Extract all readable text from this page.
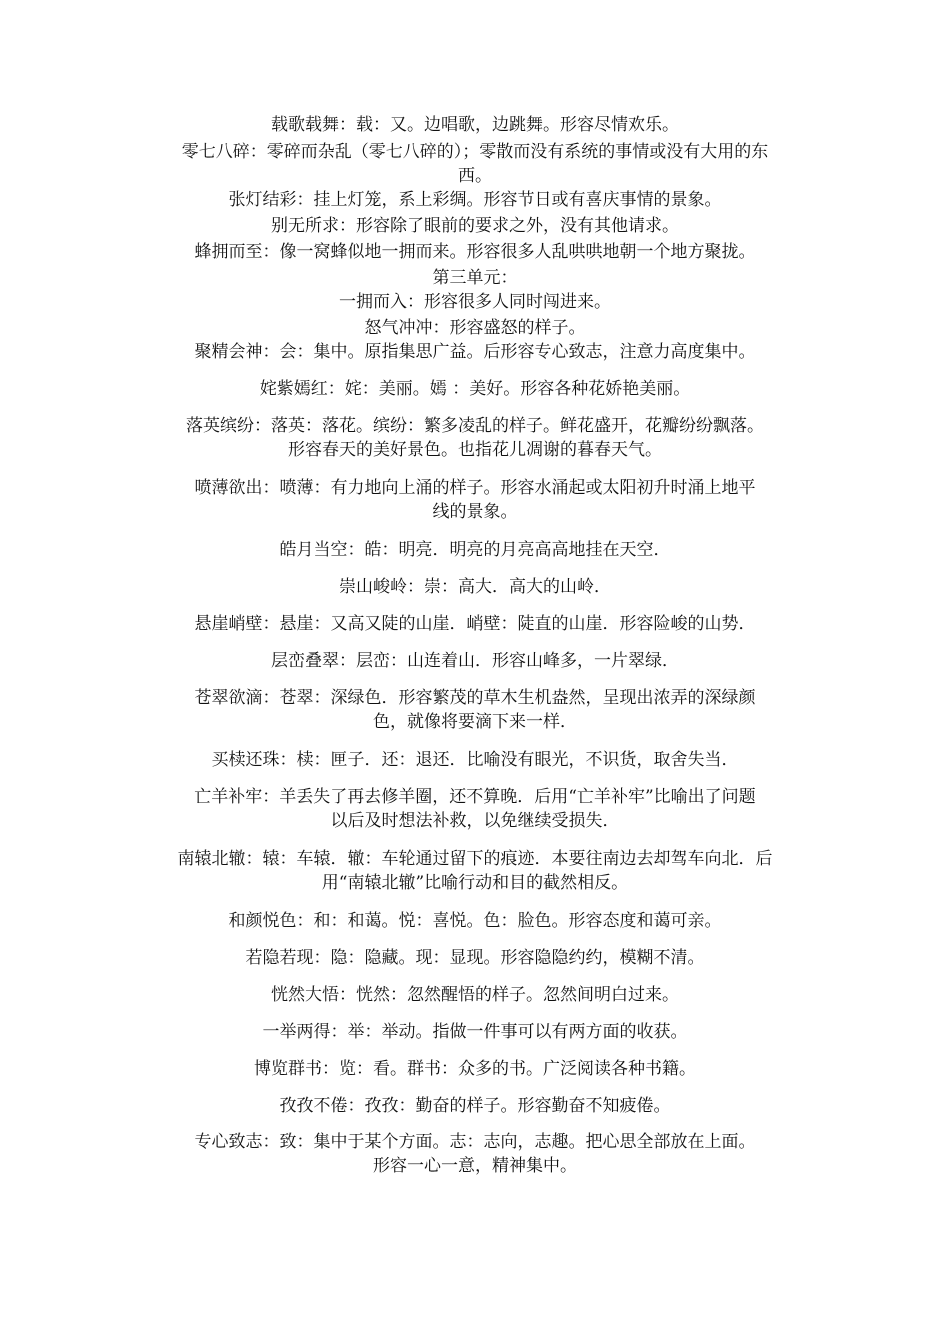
载歌载舞：载：又。边唱歌，边跳舞。形容尽情欢乐。
零七八碎：零碎而杂乱（零七八碎的）；零散而没有系统的事情或没有大用的东
西。
张灯结彩：挂上灯笼，系上彩绸。形容节日或有喜庆事情的景象。
别无所求：形容除了眼前的要求之外，没有其他请求。
蜂拥而至：像一窝蜂似地一拥而来。形容很多人乱哄哄地朝一个地方聚拢。
第三单元：
一拥而入：形容很多人同时闯进来。
怒气冲冲：形容盛怒的样子。
聚精会神：会：集中。原指集思广益。后形容专心致志，注意力高度集中。
姹紫嫣红：姹：美丽。嫣 ：美好。形容各种花娇艳美丽。
落英缤纷：落英：落花。缤纷：繁多凌乱的样子。鲜花盛开，花瓣纷纷飘落。
形容春天的美好景色。也指花儿凋谢的暮春天气。
喷薄欲出：喷薄：有力地向上涌的样子。形容水涌起或太阳初升时涌上地平
线的景象。
皓月当空：皓：明亮．明亮的月亮高高地挂在天空．
崇山峻岭：崇：高大．高大的山岭．
悬崖峭壁：悬崖：又高又陡的山崖．峭壁：陡直的山崖．形容险峻的山势．
层峦叠翠：层峦：山连着山．形容山峰多，一片翠绿．
苍翠欲滴：苍翠：深绿色．形容繁茂的草木生机盎然，呈现出浓弄的深绿颜
色，就像将要滴下来一样．
买椟还珠：椟：匣子．还：退还．比喻没有眼光，不识货，取舍失当．
亡羊补牢：羊丢失了再去修羊圈，还不算晚．后用“亡羊补牢”比喻出了问题
以后及时想法补救，以免继续受损失．
南辕北辙：辕：车辕．辙：车轮通过留下的痕迹．本要往南边去却驾车向北．后
用“南辕北辙”比喻行动和目的截然相反。
和颜悦色：和：和蔼。悦：喜悦。色：脸色。形容态度和蔼可亲。
若隐若现：隐：隐藏。现：显现。形容隐隐约约，模糊不清。
恍然大悟：恍然：忽然醒悟的样子。忽然间明白过来。
一举两得：举：举动。指做一件事可以有两方面的收获。
博览群书：览：看。群书：众多的书。广泛阅读各种书籍。
孜孜不倦：孜孜：勤奋的样子。形容勤奋不知疲倦。
专心致志：致：集中于某个方面。志：志向，志趣。把心思全部放在上面。
形容一心一意，精神集中。
